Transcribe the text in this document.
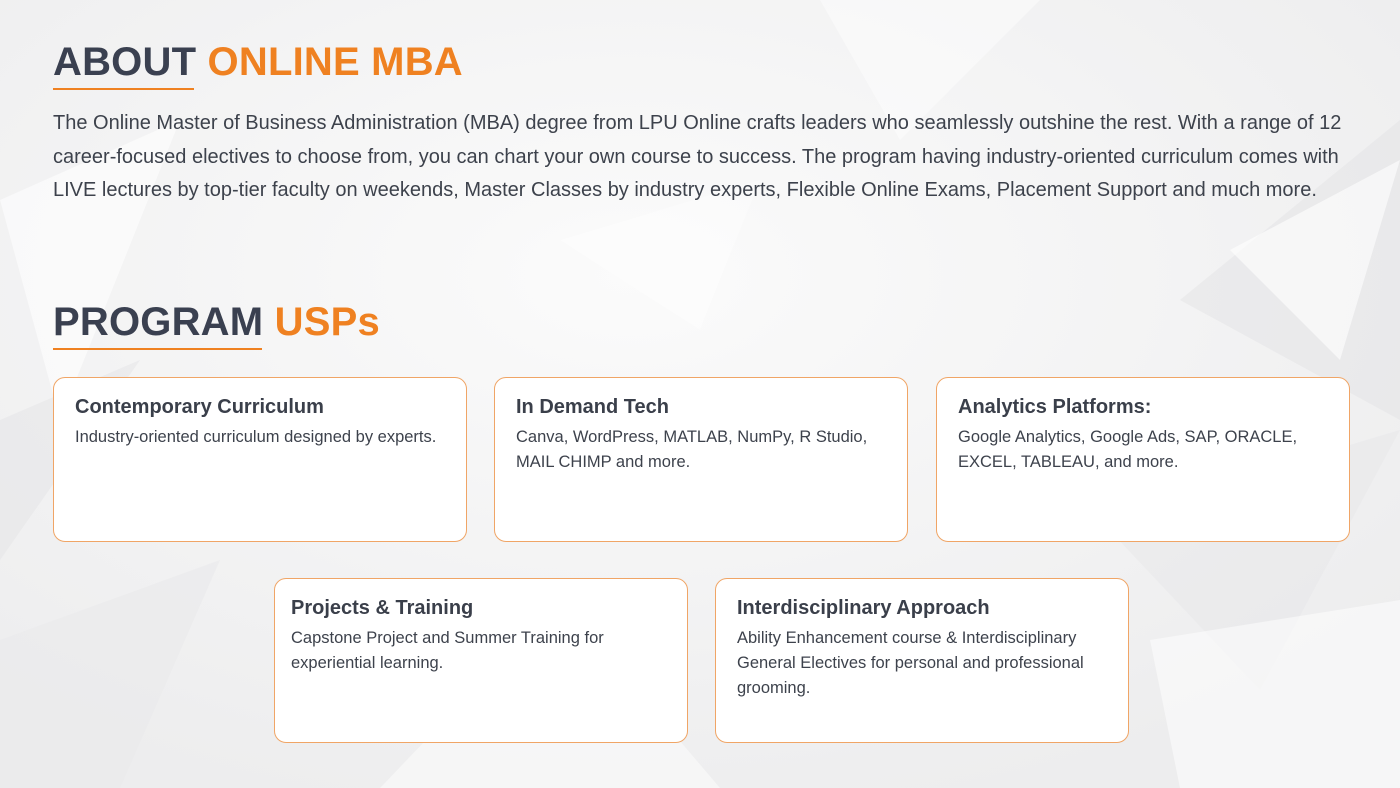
ABOUT ONLINE MBA

The Online Master of Business Administration (MBA) degree from LPU Online crafts leaders who seamlessly outshine the rest. With a range of 12 career-focused electives to choose from, you can chart your own course to success. The program having industry-oriented curriculum comes with LIVE lectures by top-tier faculty on weekends, Master Classes by industry experts, Flexible Online Exams, Placement Support and much more.

PROGRAM USPs
Contemporary Curriculum

Industry-oriented curriculum designed by experts.

In Demand Tech

Canva, WordPress, MATLAB, NumPy, R Studio, MAIL CHIMP and more.

Analytics Platforms:

Google Analytics, Google Ads, SAP, ORACLE, EXCEL, TABLEAU, and more.

Projects & Training

Capstone Project and Summer Training for experiential learning.

Interdisciplinary Approach

Ability Enhancement course & Interdisciplinary General Electives for personal and professional grooming.
